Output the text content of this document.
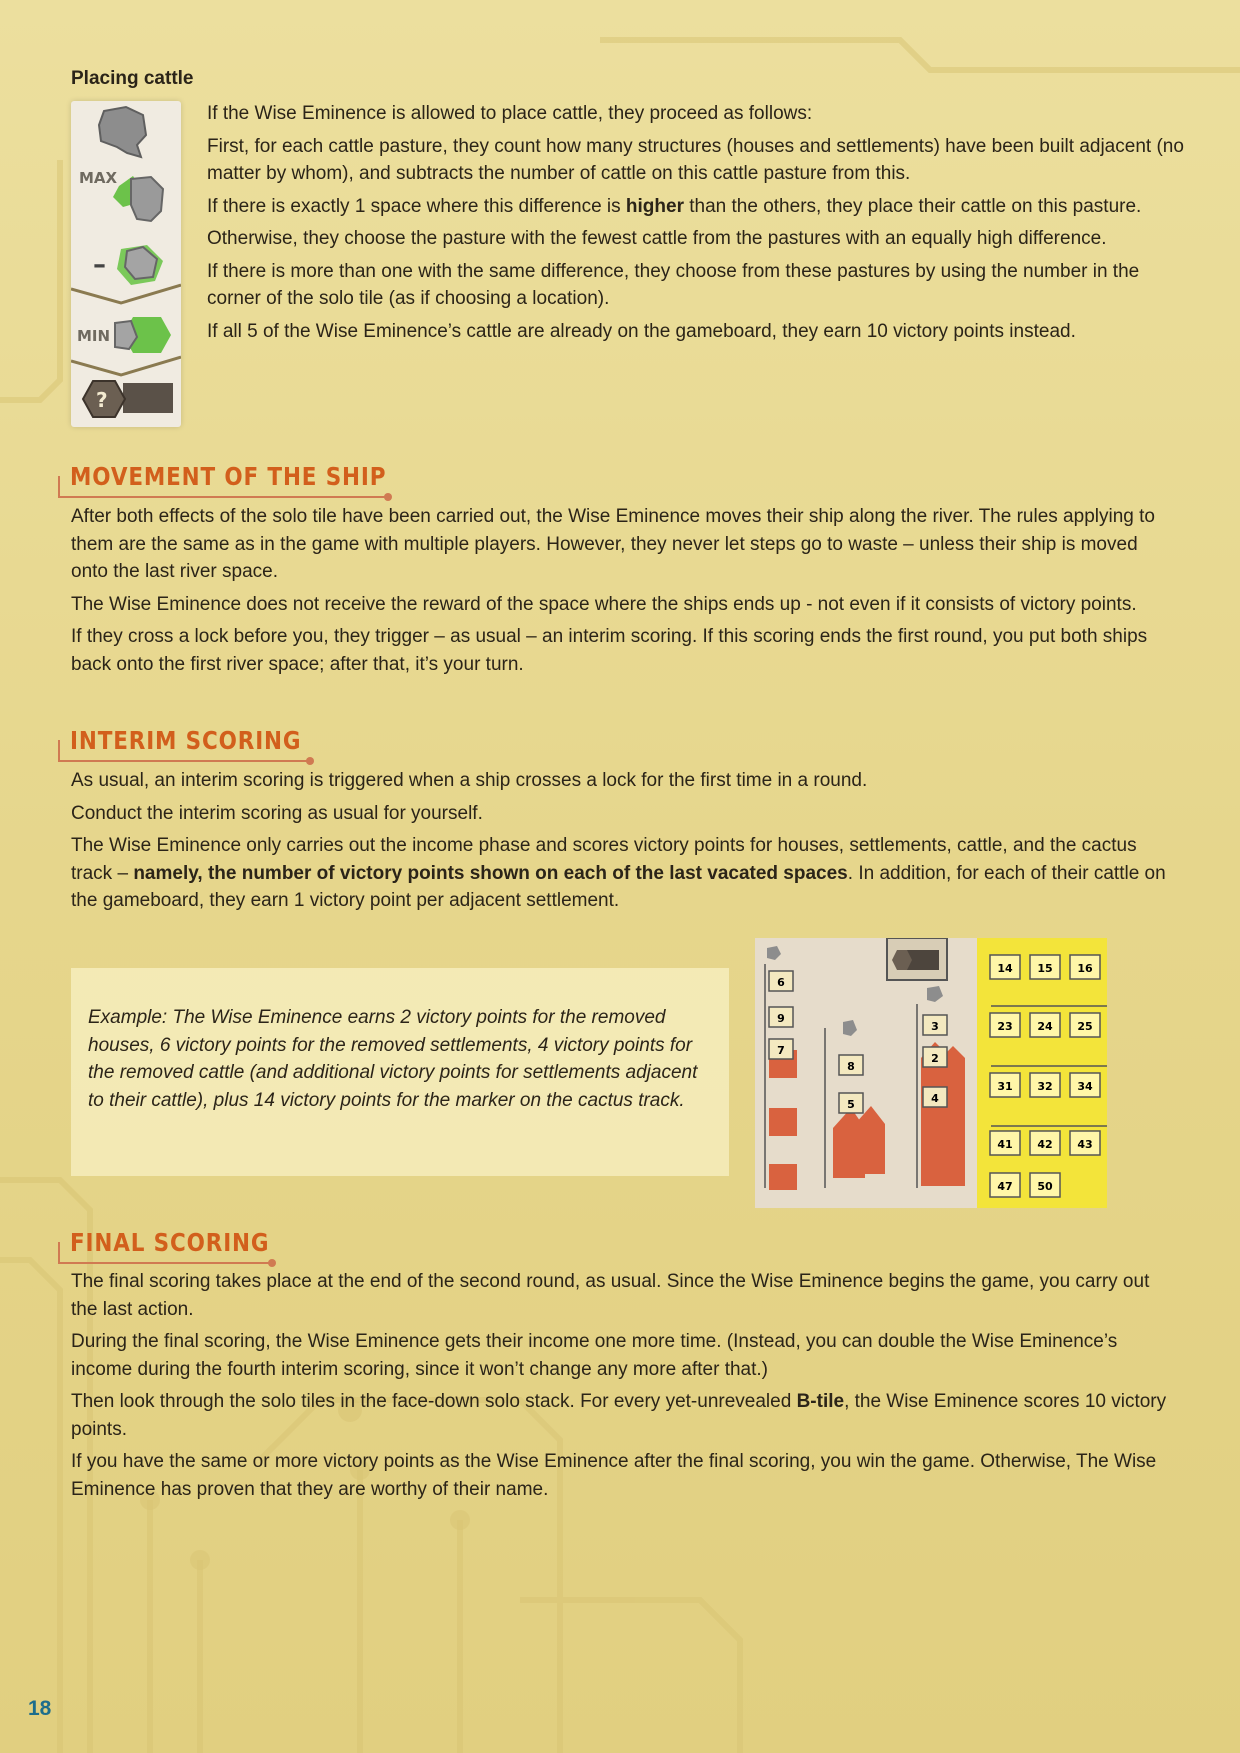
Placing cattle
MAX
–
MIN
?

If the Wise Eminence is allowed to place cattle, they proceed as follows:

First, for each cattle pasture, they count how many structures (houses and settlements) have been built adjacent (no matter by whom), and subtracts the number of cattle on this cattle pasture from this.

If there is exactly 1 space where this difference is higher than the others, they place their cattle on this pasture.

Otherwise, they choose the pasture with the fewest cattle from the pastures with an equally high difference.

If there is more than one with the same difference, they choose from these pastures by using the number in the corner of the solo tile (as if choosing a location).

If all 5 of the Wise Eminence’s cattle are already on the gameboard, they earn 10 victory points instead.

MOVEMENT OF THE SHIP

After both effects of the solo tile have been carried out, the Wise Eminence moves their ship along the river. The rules applying to them are the same as in the game with multiple players. However, they never let steps go to waste – unless their ship is moved onto the last river space.

The Wise Eminence does not receive the reward of the space where the ships ends up - not even if it consists of victory points.

If they cross a lock before you, they trigger – as usual – an interim scoring. If this scoring ends the first round, you put both ships back onto the first river space; after that, it’s your turn.

INTERIM SCORING

As usual, an interim scoring is triggered when a ship crosses a lock for the first time in a round.

Conduct the interim scoring as usual for yourself.

The Wise Eminence only carries out the income phase and scores victory points for houses, settlements, cattle, and the cactus track – namely, the number of victory points shown on each of the last vacated spaces. In addition, for each of their cattle on the gameboard, they earn 1 victory point per adjacent settlement.

Example: The Wise Eminence earns 2 victory points for the removed houses, 6 victory points for the removed settlements, 4 victory points for the removed cattle (and additional victory points for settlements adjacent to their cattle), plus 14 victory points for the marker on the cactus track.

14 15 16
23 24 25
31 32 34
41 42 43
47 50
6
9
7
8
5
3
2
4
FINAL SCORING

The final scoring takes place at the end of the second round, as usual. Since the Wise Eminence begins the game, you carry out the last action.

During the final scoring, the Wise Eminence gets their income one more time. (Instead, you can double the Wise Eminence’s income during the fourth interim scoring, since it won’t change any more after that.)

Then look through the solo tiles in the face-down solo stack. For every yet-unrevealed B-tile, the Wise Eminence scores 10 victory points.

If you have the same or more victory points as the Wise Eminence after the final scoring, you win the game. Otherwise, The Wise Eminence has proven that they are worthy of their name.

18
